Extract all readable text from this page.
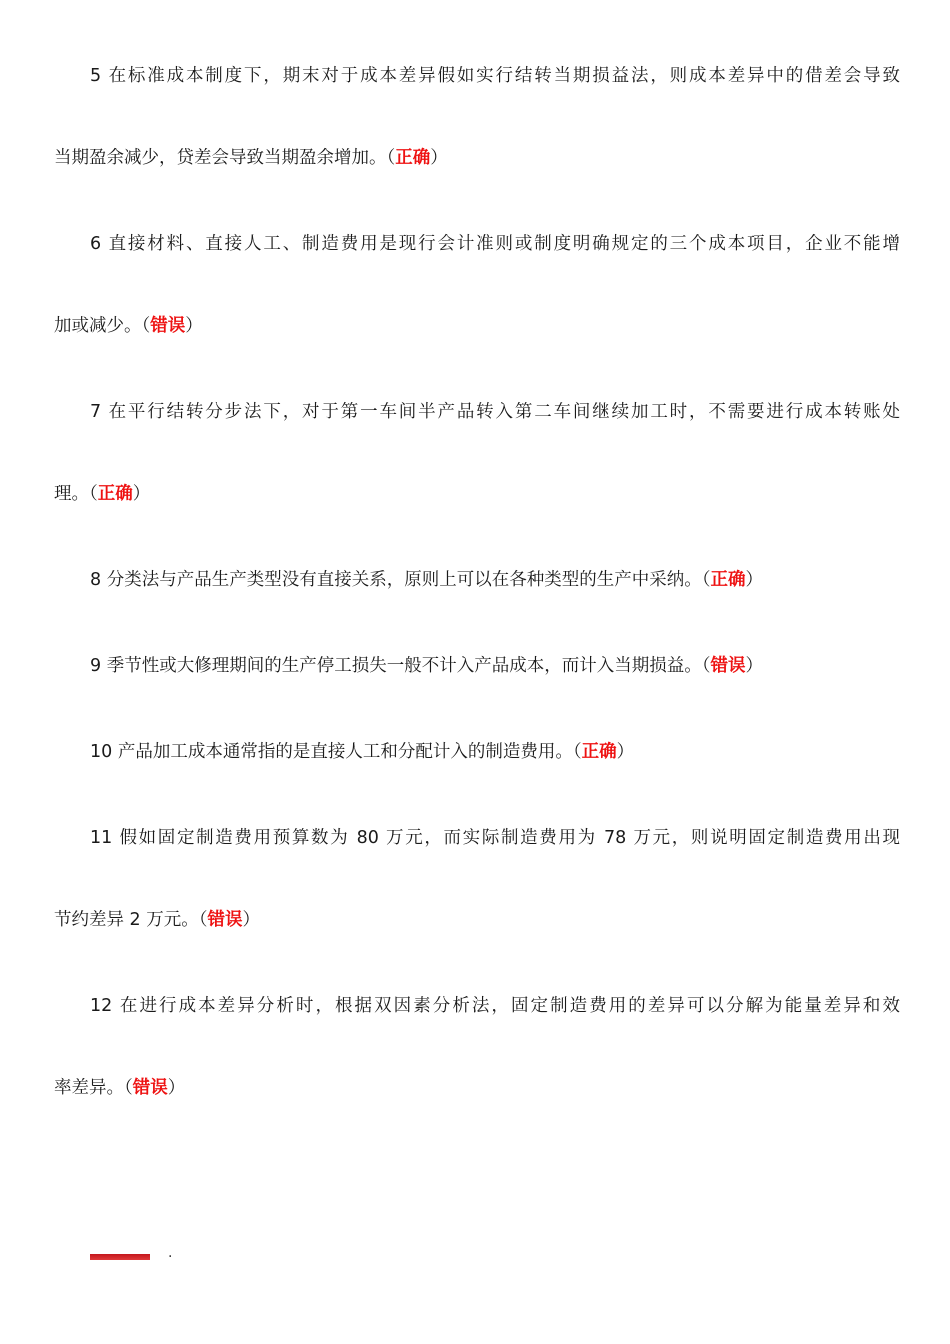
5 在标准成本制度下，期末对于成本差异假如实行结转当期损益法，则成本差异中的借差会导致
当期盈余减少，贷差会导致当期盈余增加。（正确）
6 直接材料、直接人工、制造费用是现行会计准则或制度明确规定的三个成本项目，企业不能增
加或减少。（错误）
7 在平行结转分步法下，对于第一车间半产品转入第二车间继续加工时，不需要进行成本转账处
理。（正确）
8 分类法与产品生产类型没有直接关系，原则上可以在各种类型的生产中采纳。（正确）
9 季节性或大修理期间的生产停工损失一般不计入产品成本，而计入当期损益。（错误）
10 产品加工成本通常指的是直接人工和分配计入的制造费用。（正确）
11 假如固定制造费用预算数为 80 万元，而实际制造费用为 78 万元，则说明固定制造费用出现
节约差异 2 万元。（错误）
12 在进行成本差异分析时，根据双因素分析法，固定制造费用的差异可以分解为能量差异和效
率差异。（错误）
.
